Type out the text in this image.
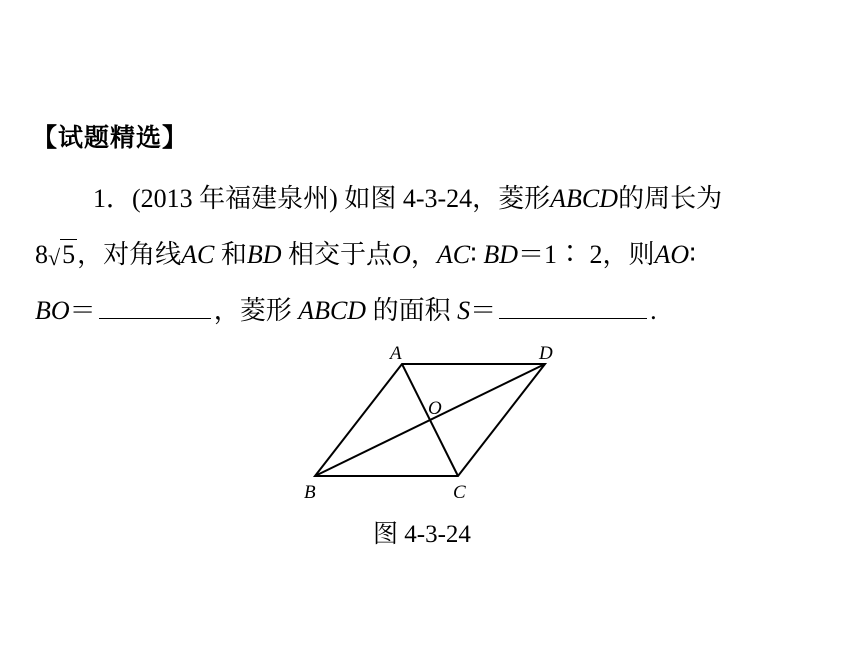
【试题精选】
1．(2013 年福建泉州) 如图 4-3-24，菱形ABCD的周长为
8√5，对角线AC 和BD 相交于点O，AC∶ BD＝1∶ 2，则AO∶
BO＝	，菱形 ABCD 的面积 S＝	.
A	D
O
B	C
图 4-3-24
